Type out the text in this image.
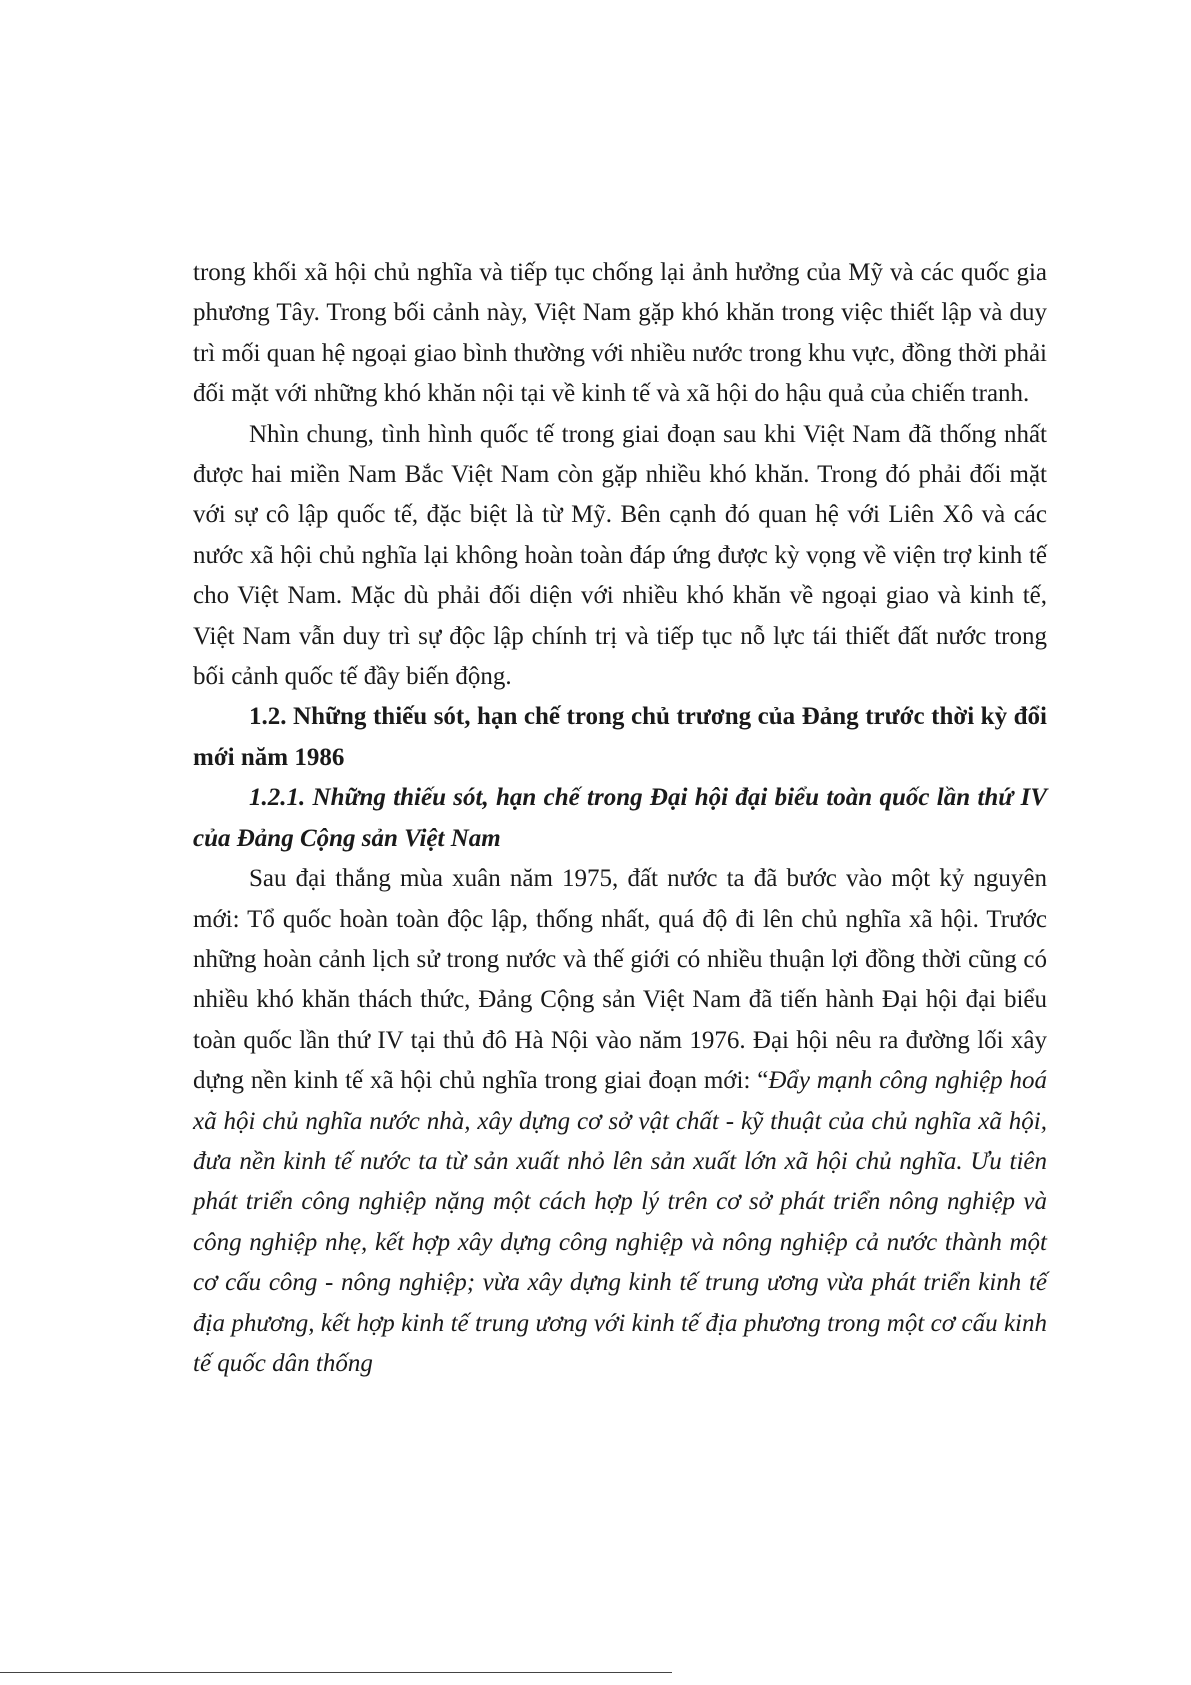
trong khối xã hội chủ nghĩa và tiếp tục chống lại ảnh hưởng của Mỹ và các quốc gia phương Tây. Trong bối cảnh này, Việt Nam gặp khó khăn trong việc thiết lập và duy trì mối quan hệ ngoại giao bình thường với nhiều nước trong khu vực, đồng thời phải đối mặt với những khó khăn nội tại về kinh tế và xã hội do hậu quả của chiến tranh.

Nhìn chung, tình hình quốc tế trong giai đoạn sau khi Việt Nam đã thống nhất được hai miền Nam Bắc Việt Nam còn gặp nhiều khó khăn. Trong đó phải đối mặt với sự cô lập quốc tế, đặc biệt là từ Mỹ. Bên cạnh đó quan hệ với Liên Xô và các nước xã hội chủ nghĩa lại không hoàn toàn đáp ứng được kỳ vọng về viện trợ kinh tế cho Việt Nam. Mặc dù phải đối diện với nhiều khó khăn về ngoại giao và kinh tế, Việt Nam vẫn duy trì sự độc lập chính trị và tiếp tục nỗ lực tái thiết đất nước trong bối cảnh quốc tế đầy biến động.

1.2. Những thiếu sót, hạn chế trong chủ trương của Đảng trước thời kỳ đổi mới năm 1986

1.2.1. Những thiếu sót, hạn chế trong Đại hội đại biểu toàn quốc lần thứ IV của Đảng Cộng sản Việt Nam

Sau đại thắng mùa xuân năm 1975, đất nước ta đã bước vào một kỷ nguyên mới: Tổ quốc hoàn toàn độc lập, thống nhất, quá độ đi lên chủ nghĩa xã hội. Trước những hoàn cảnh lịch sử trong nước và thế giới có nhiều thuận lợi đồng thời cũng có nhiều khó khăn thách thức, Đảng Cộng sản Việt Nam đã tiến hành Đại hội đại biểu toàn quốc lần thứ IV tại thủ đô Hà Nội vào năm 1976. Đại hội nêu ra đường lối xây dựng nền kinh tế xã hội chủ nghĩa trong giai đoạn mới: “Đẩy mạnh công nghiệp hoá xã hội chủ nghĩa nước nhà, xây dựng cơ sở vật chất - kỹ thuật của chủ nghĩa xã hội, đưa nền kinh tế nước ta từ sản xuất nhỏ lên sản xuất lớn xã hội chủ nghĩa. Ưu tiên phát triển công nghiệp nặng một cách hợp lý trên cơ sở phát triển nông nghiệp và công nghiệp nhẹ, kết hợp xây dựng công nghiệp và nông nghiệp cả nước thành một cơ cấu công - nông nghiệp; vừa xây dựng kinh tế trung ương vừa phát triển kinh tế địa phương, kết hợp kinh tế trung ương với kinh tế địa phương trong một cơ cấu kinh tế quốc dân thống
